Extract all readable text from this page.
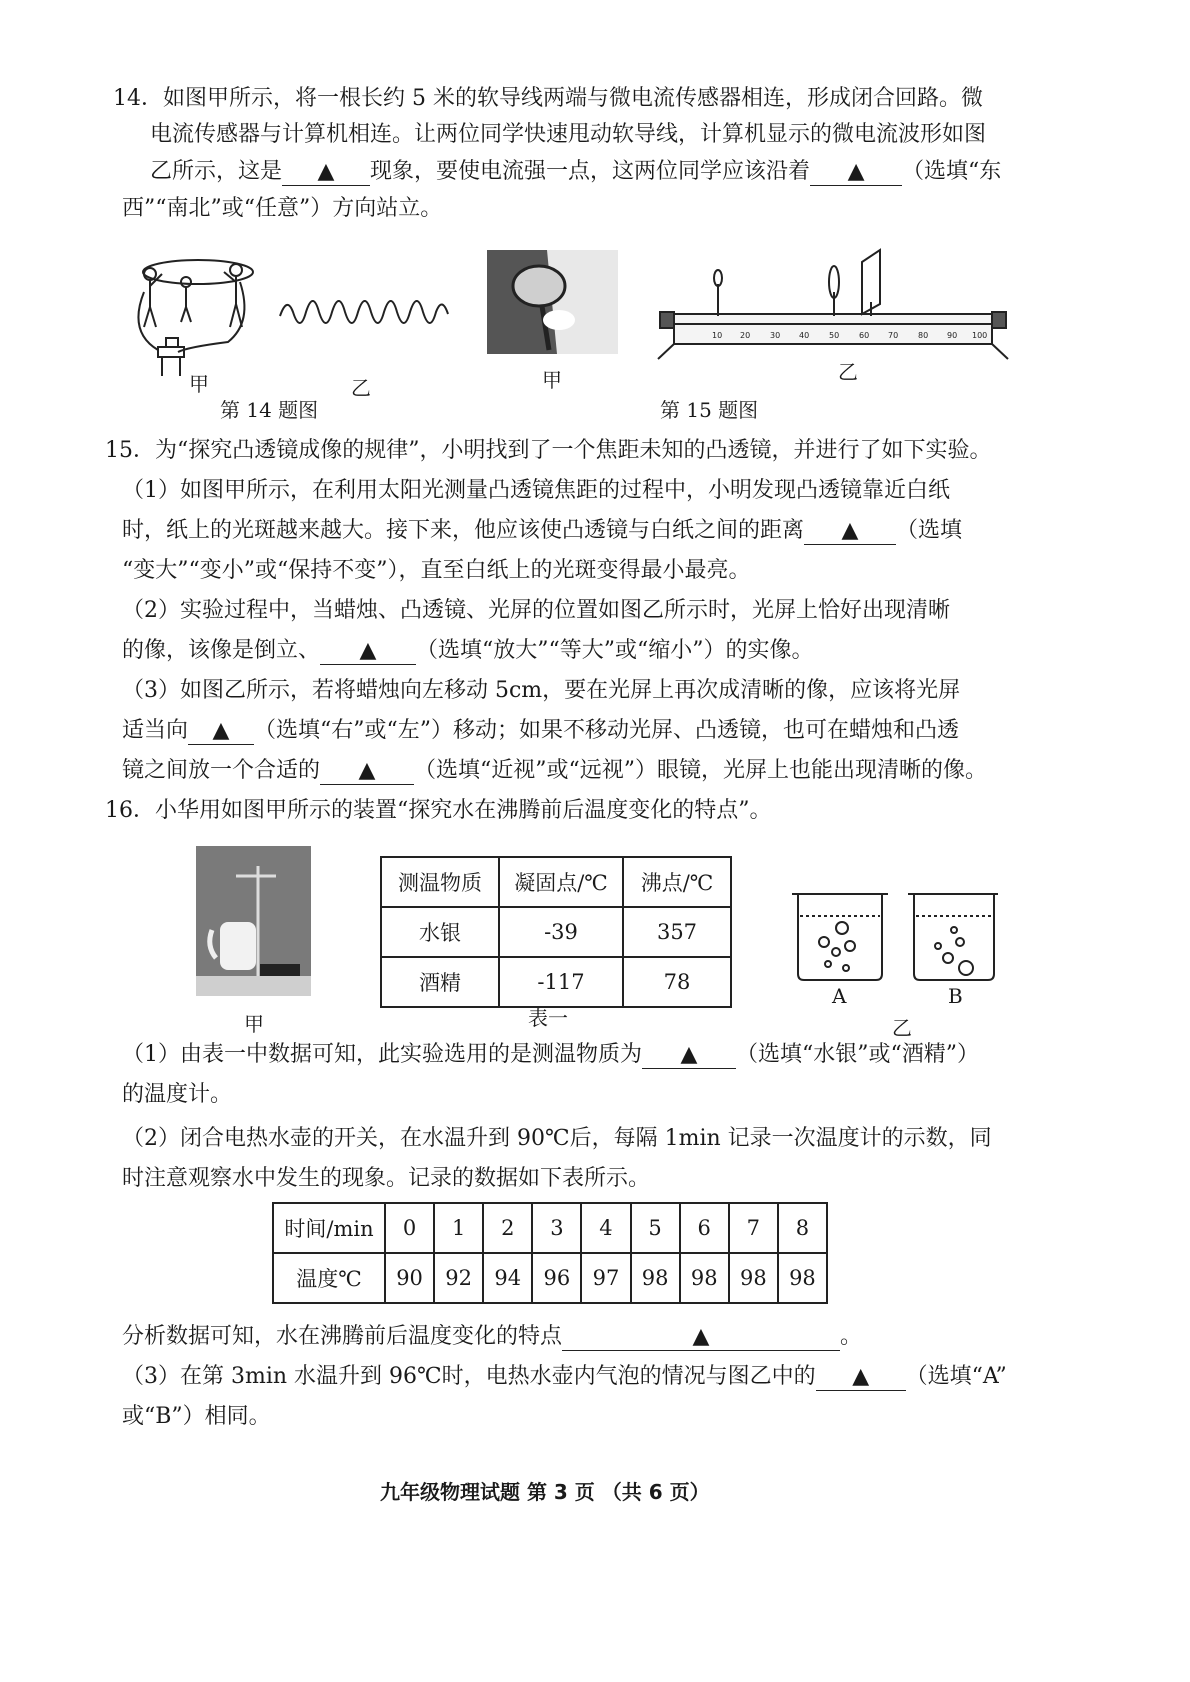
14．如图甲所示，将一根长约 5 米的软导线两端与微电流传感器相连，形成闭合回路。微
电流传感器与计算机相连。让两位同学快速甩动软导线，计算机显示的微电流波形如图
乙所示，这是 ▲ 现象，要使电流强一点，这两位同学应该沿着 ▲ （选填“东
西”“南北”或“任意”）方向站立。
甲	乙
第 14 题图
甲
10 20 30 40 50 60 70 80 90 100
乙
第 15 题图
15．为“探究凸透镜成像的规律”，小明找到了一个焦距未知的凸透镜，并进行了如下实验。
（1）如图甲所示，在利用太阳光测量凸透镜焦距的过程中，小明发现凸透镜靠近白纸
时，纸上的光斑越来越大。接下来，他应该使凸透镜与白纸之间的距离 ▲ （选填
“变大”“变小”或“保持不变”），直至白纸上的光斑变得最小最亮。
（2）实验过程中，当蜡烛、凸透镜、光屏的位置如图乙所示时，光屏上恰好出现清晰
的像，该像是倒立、 ▲ （选填“放大”“等大”或“缩小”）的实像。
（3）如图乙所示，若将蜡烛向左移动 5cm，要在光屏上再次成清晰的像，应该将光屏
适当向 ▲ （选填“右”或“左”）移动；如果不移动光屏、凸透镜，也可在蜡烛和凸透
镜之间放一个合适的 ▲ （选填“近视”或“远视”）眼镜，光屏上也能出现清晰的像。
16．小华用如图甲所示的装置“探究水在沸腾前后温度变化的特点”。
甲
测温物质	凝固点/℃	沸点/℃
水银	-39	357
酒精	-117	78
表一
A	B
乙
（1）由表一中数据可知，此实验选用的是测温物质为 ▲ （选填“水银”或“酒精”）
的温度计。
（2）闭合电热水壶的开关，在水温升到 90℃后，每隔 1min 记录一次温度计的示数，同
时注意观察水中发生的现象。记录的数据如下表所示。
时间/min	0	1	2	3	4	5	6	7	8
温度℃	90	92	94	96	97	98	98	98	98
分析数据可知，水在沸腾前后温度变化的特点	▲	。
（3）在第 3min 水温升到 96℃时，电热水壶内气泡的情况与图乙中的 ▲ （选填“A”
或“B”）相同。
九年级物理试题 第 3 页 （共 6 页）
